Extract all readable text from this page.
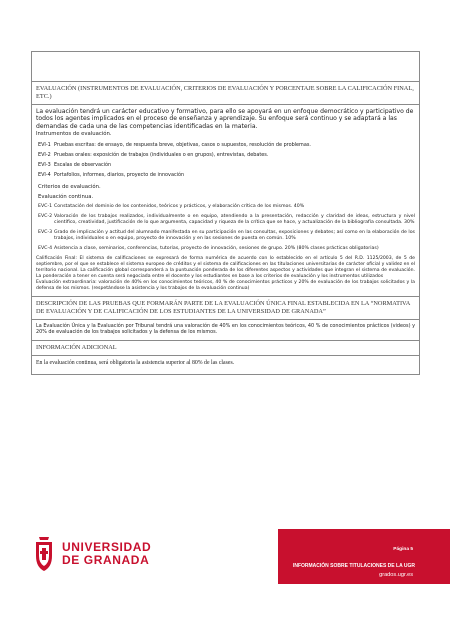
EVALUACIÓN (INSTRUMENTOS DE EVALUACIÓN, CRITERIOS DE EVALUACIÓN Y PORCENTAJE SOBRE LA CALIFICACIÓN FINAL, ETC.)
La evaluación tendrá un carácter educativo y formativo, para ello se apoyará en un enfoque democrático y participativo de todos los agentes implicados en el proceso de enseñanza y aprendizaje. Su enfoque será continuo y se adaptará a las demandas de cada una de las competencias identificadas en la materia.
Instrumentos de evaluación.
EVI-1 Pruebas escritas: de ensayo, de respuesta breve, objetivas, casos o supuestos, resolución de problemas.
EVI-2 Pruebas orales: exposición de trabajos (individuales o en grupos), entrevistas, debates.
EVI-3 Escalas de observación
EVI-4 Portafolios, informes, diarios, proyecto de innovación
Criterios de evaluación.
Evaluación continua.
EVC-1 Constatación del dominio de los contenidos, teóricos y prácticos, y elaboración crítica de los mismos. 40%
EVC-2 Valoración de los trabajos realizados, individualmente o en equipo, atendiendo a la presentación, redacción y claridad de ideas, estructura y nivel científico, creatividad, justificación de lo que argumenta, capacidad y riqueza de la crítica que se hace, y actualización de la bibliografía consultada. 30%
EVC-3 Grado de implicación y actitud del alumnado manifestada en su participación en las consultas, exposiciones y debates; así como en la elaboración de los trabajos, individuales o en equipo, proyecto de innovación y en las sesiones de puesta en común. 10%
EVC-4 Asistencia a clase, seminarios, conferencias, tutorías, proyecto de innovación, sesiones de grupo. 20% (80% clases prácticas obligatorias)
Calificación Final: El sistema de calificaciones se expresará de forma numérica de acuerdo con lo establecido en el artículo 5 del R.D. 1125/2003, de 5 de septiembre, por el que se establece el sistema europeo de créditos y el sistema de calificaciones en las titulaciones universitarias de carácter oficial y validez en el territorio nacional. La calificación global corresponderá a la puntuación ponderada de los diferentes aspectos y actividades que integran el sistema de evaluación. La ponderación a tener en cuenta será negociada entre el docente y los estudiantes en base a los criterios de evaluación y los instrumentos utilizados
Evaluación extraordinaria: valoración de 40% en los conocimientos teóricos, 40 % de conocimientos prácticos y 20% de evaluación de los trabajos solicitados y la defensa de los mismos. (respetándose la asistencia y los trabajos de la evaluación continua)
DESCRIPCIÓN DE LAS PRUEBAS QUE FORMARÁN PARTE DE LA EVALUACIÓN ÚNICA FINAL ESTABLECIDA EN LA “NORMATIVA DE EVALUACIÓN Y DE CALIFICACIÓN DE LOS ESTUDIANTES DE LA UNIVERSIDAD DE GRANADA”
La Evaluación Única y la Evaluación por Tribunal tendrá una valoración de 40% en los conocimientos teóricos, 40 % de conocimientos prácticos (videos) y 20% de evaluación de los trabajos solicitados y la defensa de los mismos.
INFORMACIÓN ADICIONAL
En la evaluación continua, será obligatoria la asistencia superior al 80% de las clases.
UNIVERSIDAD
DE GRANADA
Página 5
INFORMACIÓN SOBRE TITULACIONES DE LA UGR
grados.ugr.es
